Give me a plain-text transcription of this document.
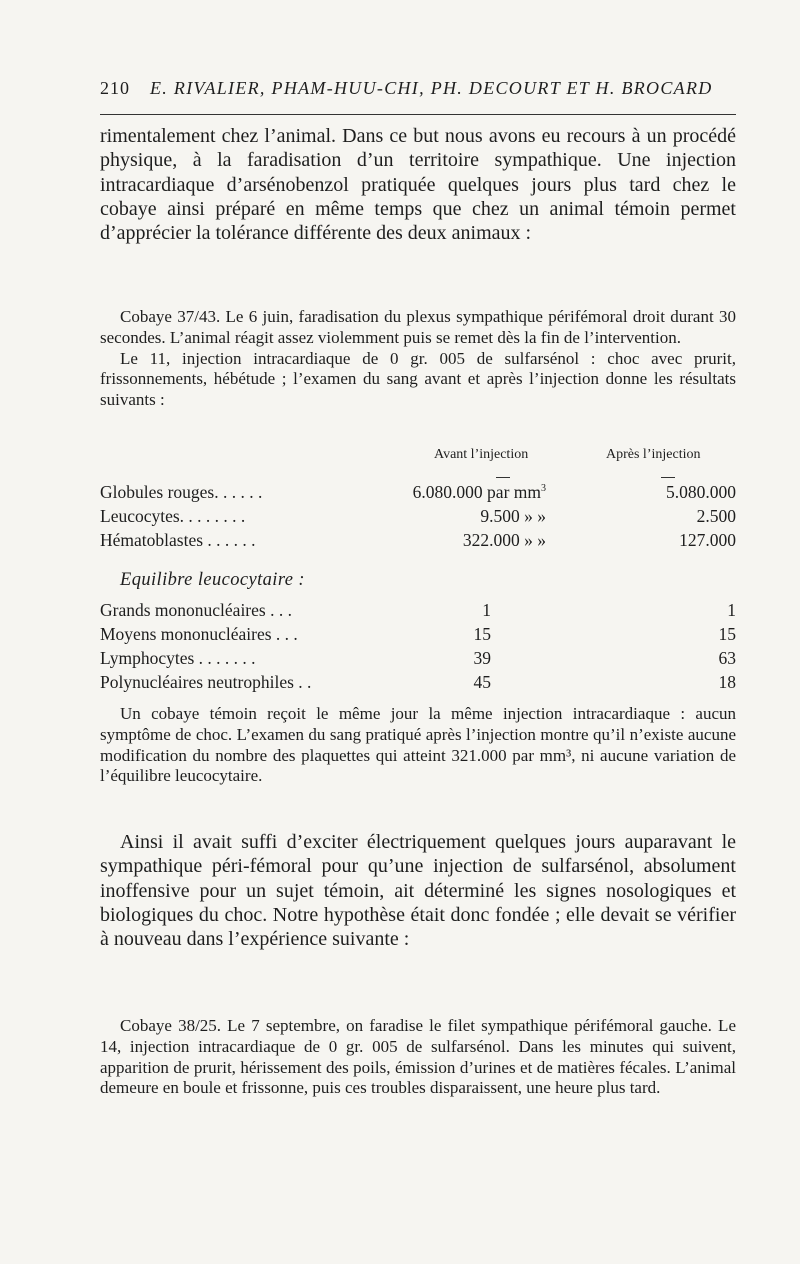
210 E. RIVALIER, PHAM-HUU-CHI, PH. DECOURT ET H. BROCARD

rimentalement chez l’animal. Dans ce but nous avons eu recours à un procédé physique, à la faradisation d’un territoire sympathique. Une injection intracardiaque d’arsénobenzol pratiquée quelques jours plus tard chez le cobaye ainsi préparé en même temps que chez un animal témoin permet d’apprécier la tolérance différente des deux animaux :

Cobaye 37/43. Le 6 juin, faradisation du plexus sympathique périfémoral droit durant 30 secondes. L’animal réagit assez violemment puis se remet dès la fin de l’intervention.

Le 11, injection intracardiaque de 0 gr. 005 de sulfarsénol : choc avec prurit, frissonnements, hébétude ; l’examen du sang avant et après l’injection donne les résultats suivants :

Avant l’injection	Après l’injection
Globules rouges. . . . . .	6.080.000 par $mm^3$	5.080.000
Leucocytes. . . . . . . .	9.500 » »	2.500
Hématoblastes . . . . . .	322.000 » »	127.000
Equilibre leucocytaire :
Grands mononucléaires . . .	1	1
Moyens mononucléaires . . .	15	15
Lymphocytes . . . . . . .	39	63
Polynucléaires neutrophiles . .	45	18

Un cobaye témoin reçoit le même jour la même injection intracardiaque : aucun symptôme de choc. L’examen du sang pratiqué après l’injection montre qu’il n’existe aucune modification du nombre des plaquettes qui atteint 321.000 par mm³, ni aucune variation de l’équilibre leucocytaire.

Ainsi il avait suffi d’exciter électriquement quelques jours auparavant le sympathique péri-fémoral pour qu’une injection de sulfarsénol, absolument inoffensive pour un sujet témoin, ait déterminé les signes nosologiques et biologiques du choc. Notre hypothèse était donc fondée ; elle devait se vérifier à nouveau dans l’expérience suivante :

Cobaye 38/25. Le 7 septembre, on faradise le filet sympathique périfémoral gauche. Le 14, injection intracardiaque de 0 gr. 005 de sulfarsénol. Dans les minutes qui suivent, apparition de prurit, hérissement des poils, émission d’urines et de matières fécales. L’animal demeure en boule et frissonne, puis ces troubles disparaissent, une heure plus tard.
